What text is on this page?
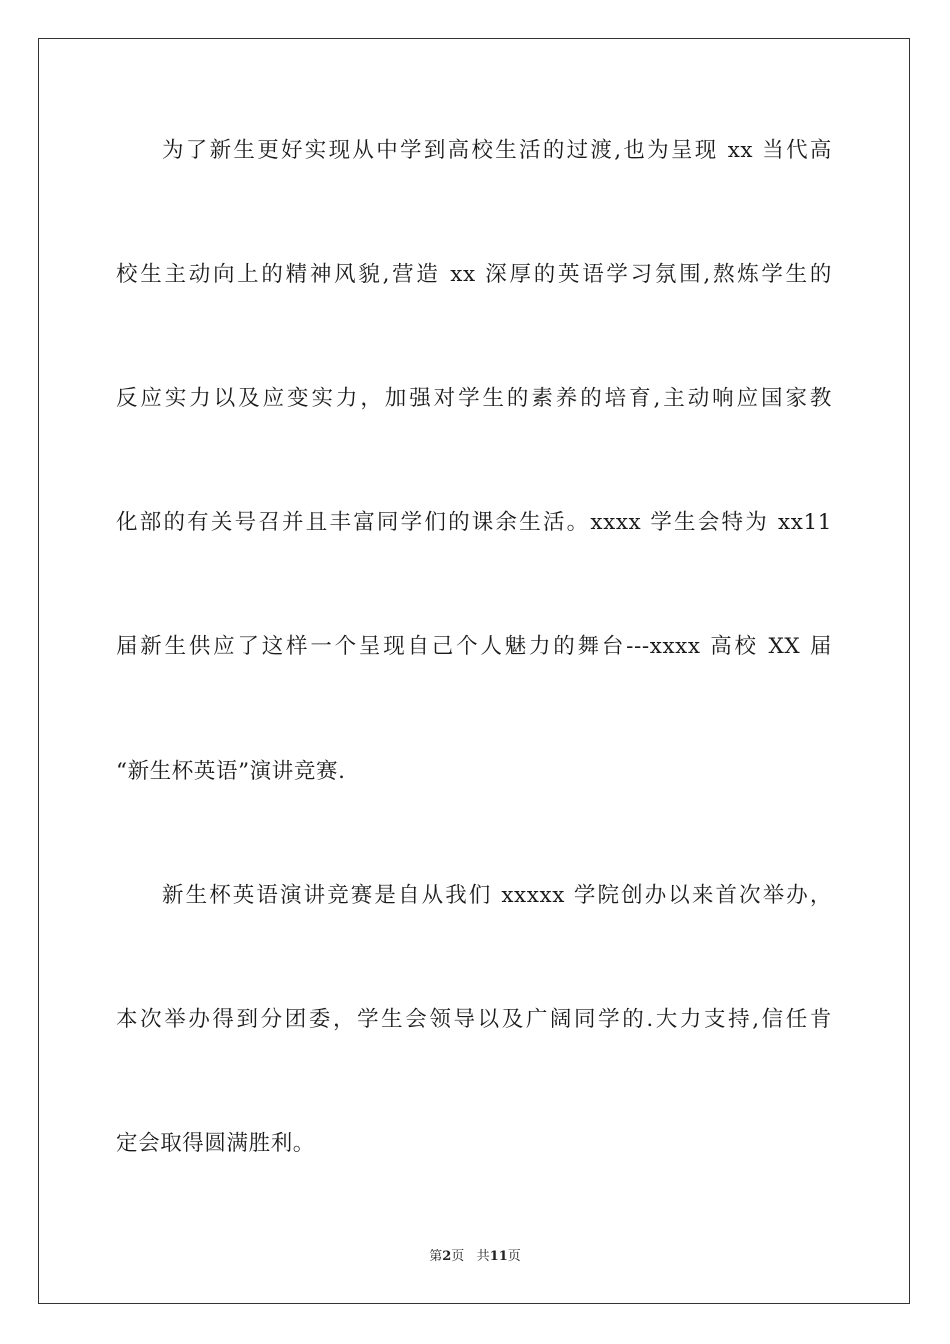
为了新生更好实现从中学到高校生活的过渡,也为呈现 xx 当代高
校生主动向上的精神风貌,营造 xx 深厚的英语学习氛围,熬炼学生的
反应实力以及应变实力，加强对学生的素养的培育,主动响应国家教
化部的有关号召并且丰富同学们的课余生活。xxxx 学生会特为 xx11
届新生供应了这样一个呈现自己个人魅力的舞台---xxxx 高校 XX 届
“新生杯英语”演讲竞赛.
新生杯英语演讲竞赛是自从我们 xxxxx 学院创办以来首次举办，
本次举办得到分团委，学生会领导以及广阔同学的.大力支持,信任肯
定会取得圆满胜利。
第2页 共11页
